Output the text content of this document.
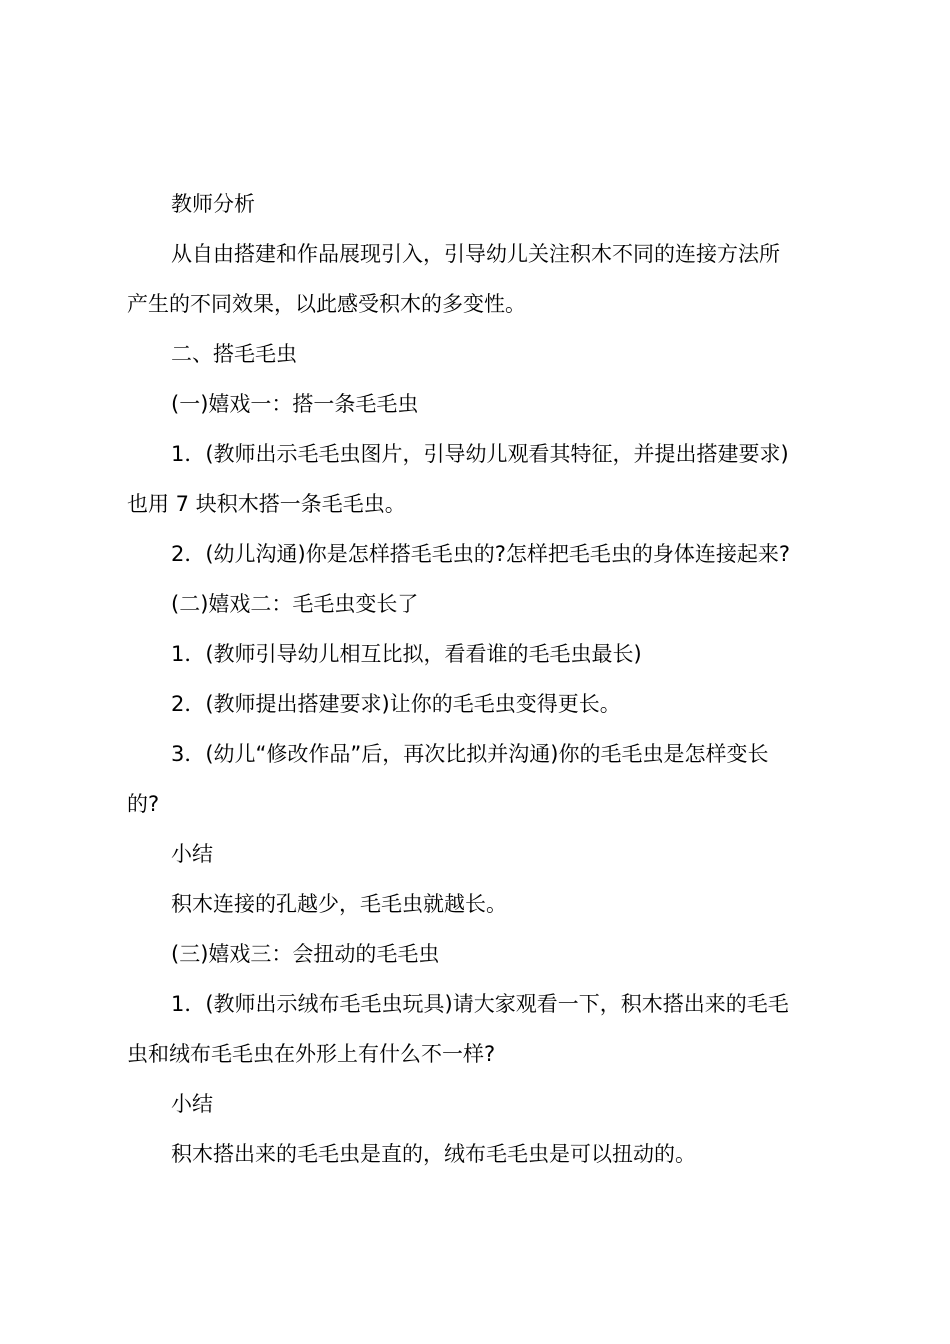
教师分析

从自由搭建和作品展现引入，引导幼儿关注积木不同的连接方法所

产生的不同效果，以此感受积木的多变性。

二、搭毛毛虫

(一)嬉戏一：搭一条毛毛虫

1．(教师出示毛毛虫图片，引导幼儿观看其特征，并提出搭建要求)

也用 7 块积木搭一条毛毛虫。

2．(幼儿沟通)你是怎样搭毛毛虫的?怎样把毛毛虫的身体连接起来?

(二)嬉戏二：毛毛虫变长了

1．(教师引导幼儿相互比拟，看看谁的毛毛虫最长)

2．(教师提出搭建要求)让你的毛毛虫变得更长。

3．(幼儿“修改作品”后，再次比拟并沟通)你的毛毛虫是怎样变长

的?

小结

积木连接的孔越少，毛毛虫就越长。

(三)嬉戏三：会扭动的毛毛虫

1．(教师出示绒布毛毛虫玩具)请大家观看一下，积木搭出来的毛毛

虫和绒布毛毛虫在外形上有什么不一样?

小结

积木搭出来的毛毛虫是直的，绒布毛毛虫是可以扭动的。
